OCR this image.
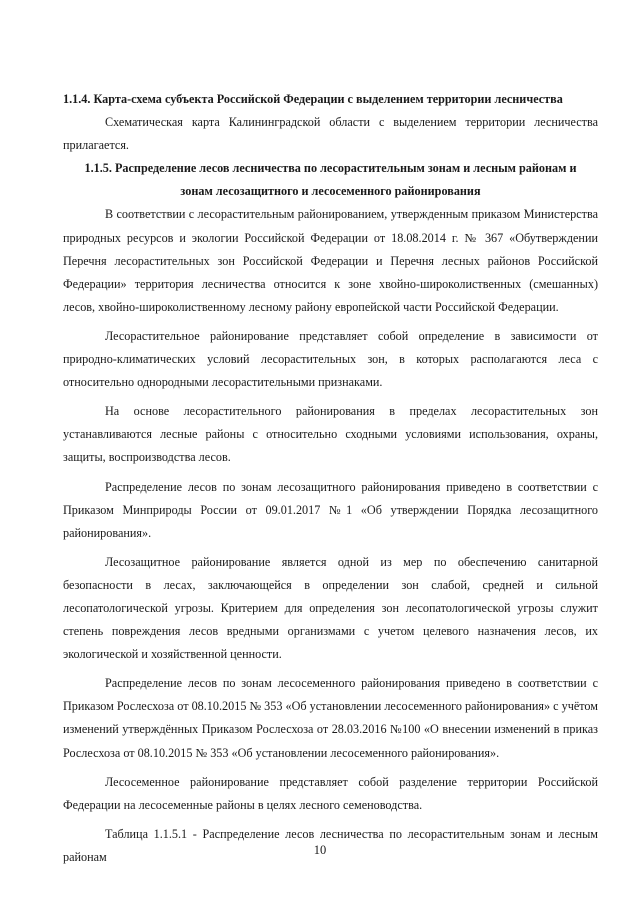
1.1.4. Карта-схема субъекта Российской Федерации с выделением территории лесничества

Схематическая карта Калининградской области с выделением территории лесничества прилагается.

1.1.5. Распределение лесов лесничества по лесорастительным зонам и лесным районам и
зонам лесозащитного и лесосеменного районирования

В соответствии с лесорастительным районированием, утвержденным приказом Министерства природных ресурсов и экологии Российской Федерации от 18.08.2014 г. № 367 «Обутверждении Перечня лесорастительных зон Российской Федерации и Перечня лесных районов Российской Федерации» территория лесничества относится к зоне хвойно-широколиственных (смешанных) лесов, хвойно-широколиственному лесному району европейской части Российской Федерации.

Лесорастительное районирование представляет собой определение в зависимости от природно-климатических условий лесорастительных зон, в которых располагаются леса с относительно однородными лесорастительными признаками.

На основе лесорастительного районирования в пределах лесорастительных зон устанавливаются лесные районы с относительно сходными условиями использования, охраны, защиты, воспроизводства лесов.

Распределение лесов по зонам лесозащитного районирования приведено в соответствии с Приказом Минприроды России от 09.01.2017 №1 «Об утверждении Порядка лесозащитного районирования».

Лесозащитное районирование является одной из мер по обеспечению санитарной безопасности в лесах, заключающейся в определении зон слабой, средней и сильной лесопатологической угрозы. Критерием для определения зон лесопатологической угрозы служит степень повреждения лесов вредными организмами с учетом целевого назначения лесов, их экологической и хозяйственной ценности.

Распределение лесов по зонам лесосеменного районирования приведено в соответствии с Приказом Рослесхоза от 08.10.2015 № 353 «Об установлении лесосеменного районирования» с учётом изменений утверждённых Приказом Рослесхоза от 28.03.2016 №100 «О внесении изменений в приказ Рослесхоза от 08.10.2015 № 353 «Об установлении лесосеменного районирования».

Лесосеменное районирование представляет собой разделение территории Российской Федерации на лесосеменные районы в целях лесного семеноводства.

Таблица 1.1.5.1 - Распределение лесов лесничества по лесорастительным зонам и лесным районам	10
